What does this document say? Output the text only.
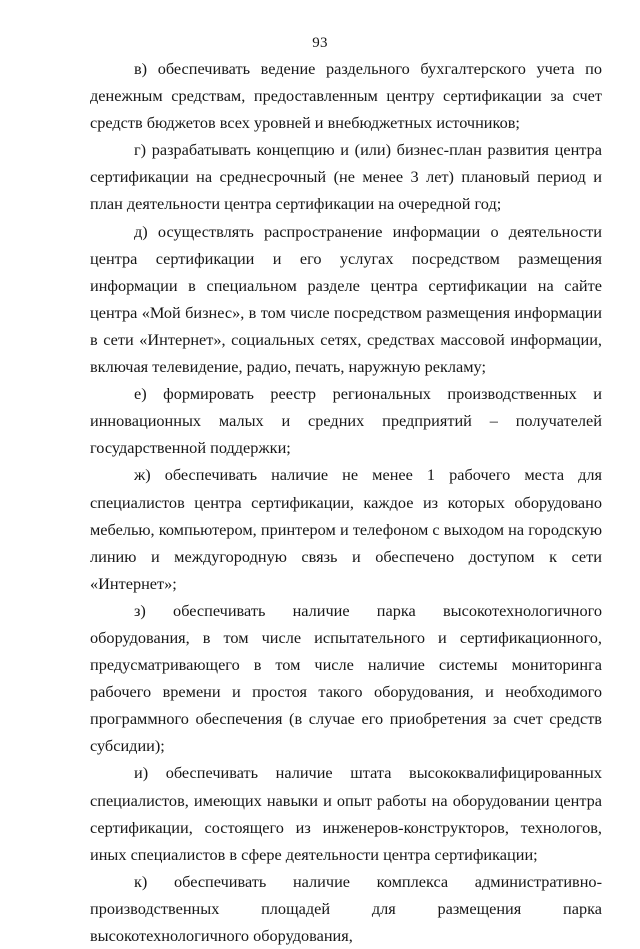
93

в) обеспечивать ведение раздельного бухгалтерского учета по денежным средствам, предоставленным центру сертификации за счет средств бюджетов всех уровней и внебюджетных источников;

г) разрабатывать концепцию и (или) бизнес-план развития центра сертификации на среднесрочный (не менее 3 лет) плановый период и план деятельности центра сертификации на очередной год;

д) осуществлять распространение информации о деятельности центра сертификации и его услугах посредством размещения информации в специальном разделе центра сертификации на сайте центра «Мой бизнес», в том числе посредством размещения информации в сети «Интернет», социальных сетях, средствах массовой информации, включая телевидение, радио, печать, наружную рекламу;

е) формировать реестр региональных производственных и инновационных малых и средних предприятий – получателей государственной поддержки;

ж) обеспечивать наличие не менее 1 рабочего места для специалистов центра сертификации, каждое из которых оборудовано мебелью, компьютером, принтером и телефоном с выходом на городскую линию и междугородную связь и обеспечено доступом к сети «Интернет»;

з) обеспечивать наличие парка высокотехнологичного оборудования, в том числе испытательного и сертификационного, предусматривающего в том числе наличие системы мониторинга рабочего времени и простоя такого оборудования, и необходимого программного обеспечения (в случае его приобретения за счет средств субсидии);

и) обеспечивать наличие штата высококвалифицированных специалистов, имеющих навыки и опыт работы на оборудовании центра сертификации, состоящего из инженеров-конструкторов, технологов, иных специалистов в сфере деятельности центра сертификации;

к) обеспечивать наличие комплекса административно-производственных площадей для размещения парка высокотехнологичного оборудования,
